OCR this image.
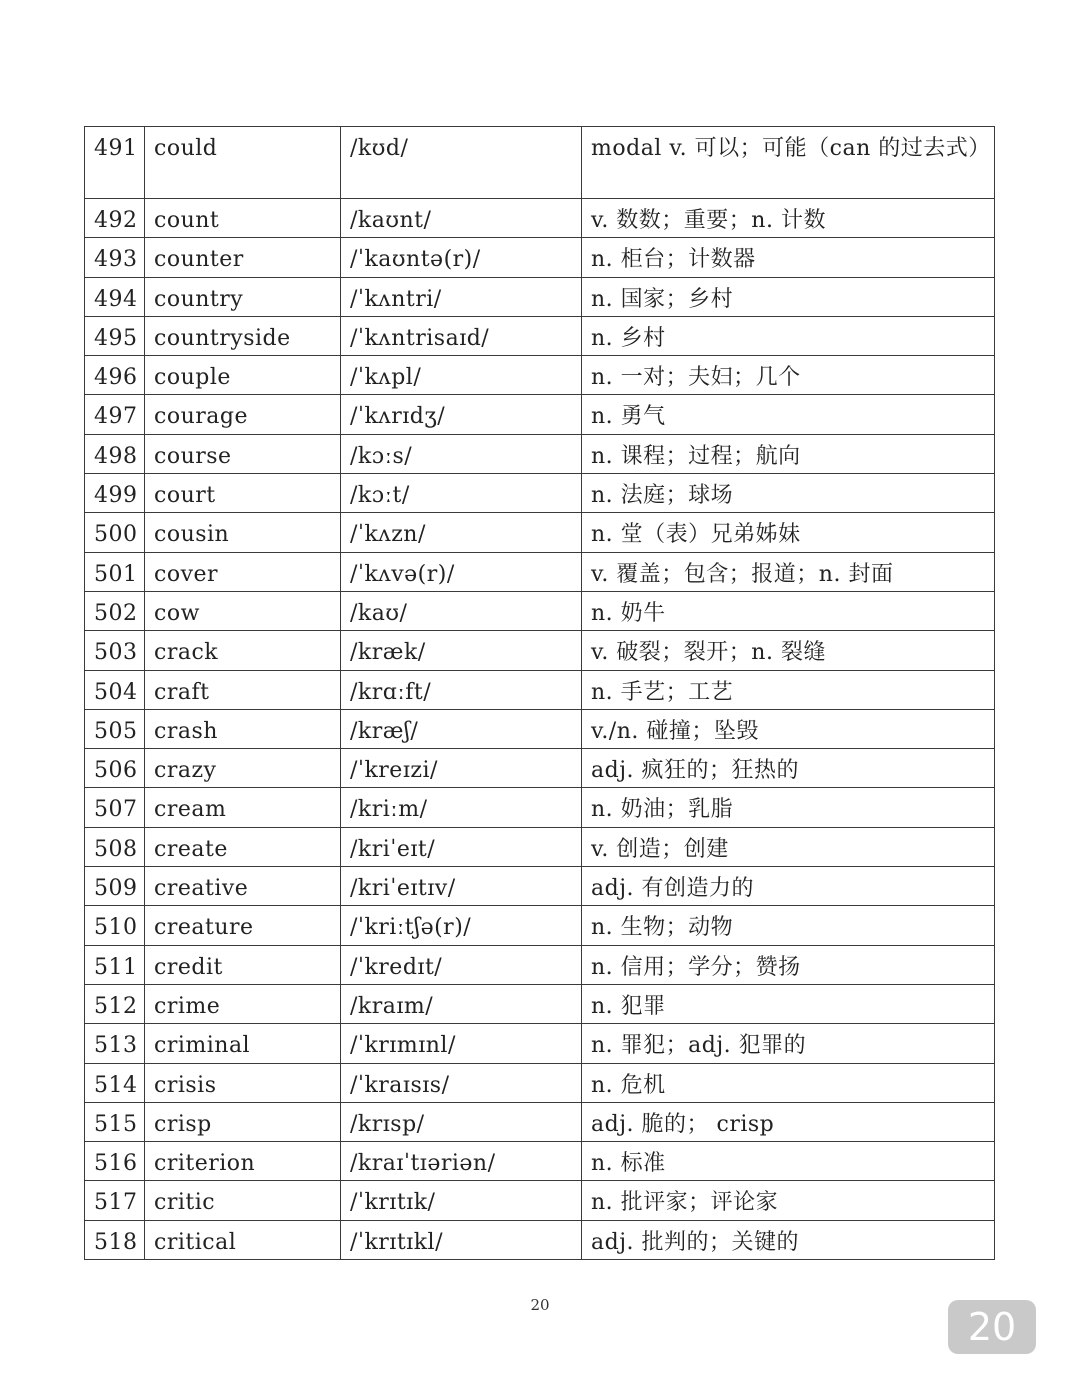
491	could	/kʊd/	modal v. 可以；可能（can 的过去式）
492	count	/kaʊnt/	v. 数数；重要；n. 计数
493	counter	/ˈkaʊntə(r)/	n. 柜台；计数器
494	country	/ˈkʌntri/	n. 国家；乡村
495	countryside	/ˈkʌntrisaɪd/	n. 乡村
496	couple	/ˈkʌpl/	n. 一对；夫妇；几个
497	courage	/ˈkʌrɪdʒ/	n. 勇气
498	course	/kɔːs/	n. 课程；过程；航向
499	court	/kɔːt/	n. 法庭；球场
500	cousin	/ˈkʌzn/	n. 堂（表）兄弟姊妹
501	cover	/ˈkʌvə(r)/	v. 覆盖；包含；报道；n. 封面
502	cow	/kaʊ/	n. 奶牛
503	crack	/kræk/	v. 破裂；裂开；n. 裂缝
504	craft	/krɑːft/	n. 手艺；工艺
505	crash	/kræʃ/	v./n. 碰撞；坠毁
506	crazy	/ˈkreɪzi/	adj. 疯狂的；狂热的
507	cream	/kriːm/	n. 奶油；乳脂
508	create	/kriˈeɪt/	v. 创造；创建
509	creative	/kriˈeɪtɪv/	adj. 有创造力的
510	creature	/ˈkriːtʃə(r)/	n. 生物；动物
511	credit	/ˈkredɪt/	n. 信用；学分；赞扬
512	crime	/kraɪm/	n. 犯罪
513	criminal	/ˈkrɪmɪnl/	n. 罪犯；adj. 犯罪的
514	crisis	/ˈkraɪsɪs/	n. 危机
515	crisp	/krɪsp/	adj. 脆的； crisp
516	criterion	/kraɪˈtɪəriən/	n. 标准
517	critic	/ˈkrɪtɪk/	n. 批评家；评论家
518	critical	/ˈkrɪtɪkl/	adj. 批判的；关键的
20	20
